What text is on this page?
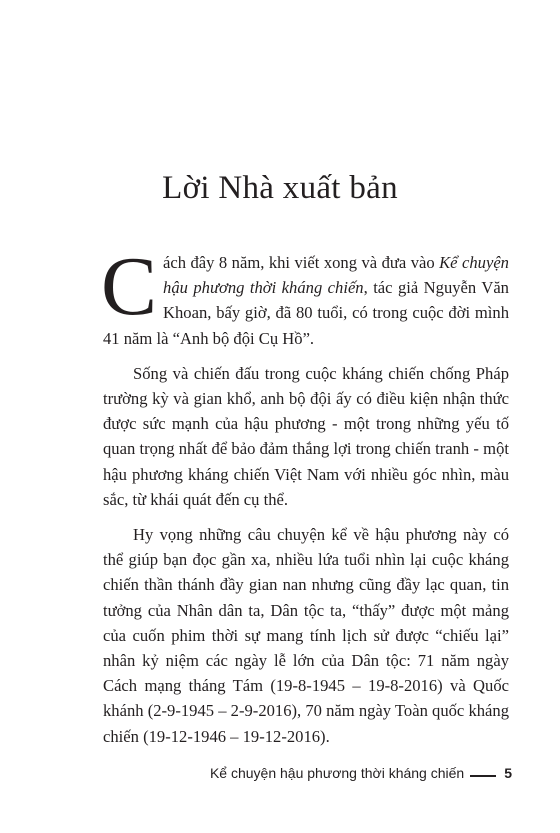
Lời Nhà xuất bản

Cách đây 8 năm, khi viết xong và đưa vào Kể chuyện hậu phương thời kháng chiến, tác giả Nguyễn Văn Khoan, bấy giờ, đã 80 tuổi, có trong cuộc đời mình 41 năm là “Anh bộ đội Cụ Hồ”.

Sống và chiến đấu trong cuộc kháng chiến chống Pháp trường kỳ và gian khổ, anh bộ đội ấy có điều kiện nhận thức được sức mạnh của hậu phương - một trong những yếu tố quan trọng nhất để bảo đảm thắng lợi trong chiến tranh - một hậu phương kháng chiến Việt Nam với nhiều góc nhìn, màu sắc, từ khái quát đến cụ thể.

Hy vọng những câu chuyện kể về hậu phương này có thể giúp bạn đọc gần xa, nhiều lứa tuổi nhìn lại cuộc kháng chiến thần thánh đầy gian nan nhưng cũng đầy lạc quan, tin tưởng của Nhân dân ta, Dân tộc ta, “thấy” được một mảng của cuốn phim thời sự mang tính lịch sử được “chiếu lại” nhân kỷ niệm các ngày lễ lớn của Dân tộc: 71 năm ngày Cách mạng tháng Tám (19-8-1945 – 19-8-2016) và Quốc khánh (2-9-1945 – 2-9-2016), 70 năm ngày Toàn quốc kháng chiến (19-12-1946 – 19-12-2016).

Kể chuyện hậu phương thời kháng chiến	5
